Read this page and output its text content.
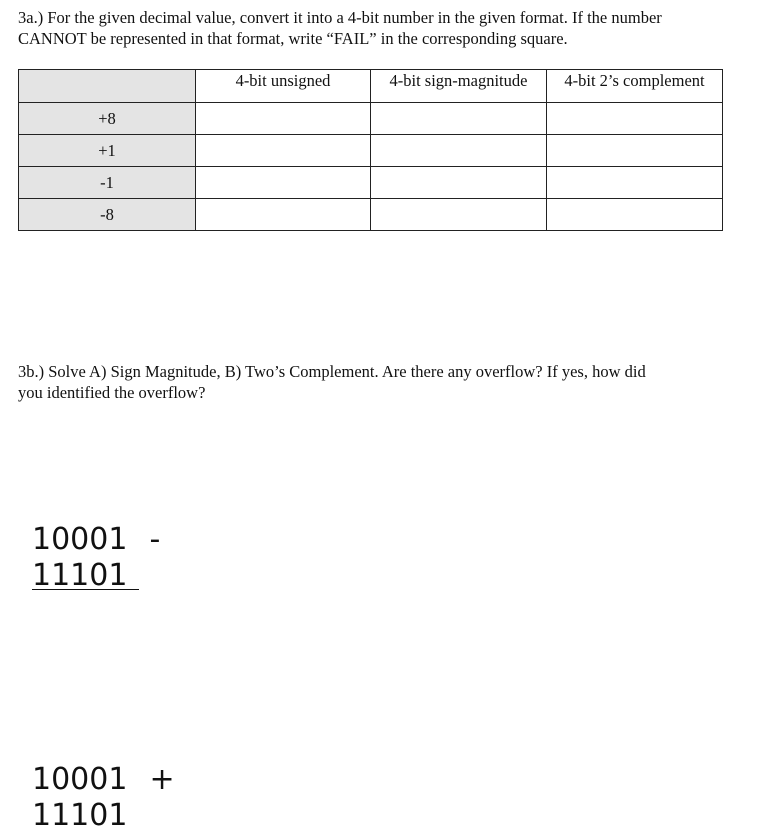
3a.) For the given decimal value, convert it into a 4-bit number in the given format. If the number
CANNOT be represented in that format, write “FAIL” in the corresponding square.

	4-bit unsigned	4-bit sign-magnitude	4-bit 2’s complement
+8			
+1			
-1			
-8			

3b.) Solve A) Sign Magnitude, B) Two’s Complement. Are there any overflow? If yes, how did
you identified the overflow?

10001 -
11101
10001 +
11101
